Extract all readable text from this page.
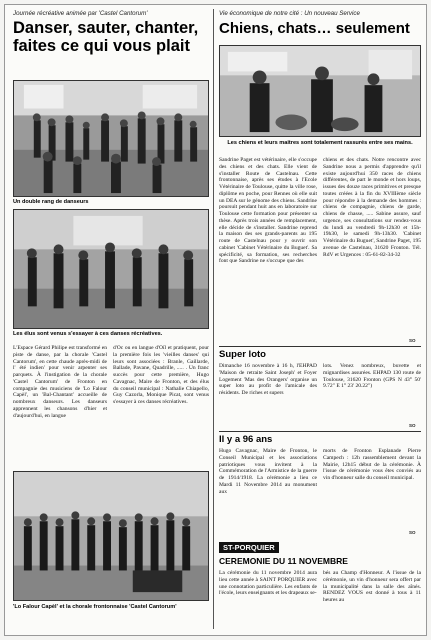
Journée récréative animée par 'Castel Cantorum'
Danser, sauter, chanter,
faites ce qui vous plait
Un double rang de danseurs
Les élus sont venus s'essayer à ces danses récréatives.
L'Espace Gérard Philipe est transformé en piste de danse, par la chorale 'Castel Cantorum', en cette chaude après-midi de l' été indien' pour venir arpenter ses parquets. À l'instigation de la chorale 'Castel Cantorum' de Fronton en compagnie des musiciens de 'Lo Falour Capèl', un 'Bal-Chantant' accueille de nombreux danseurs. Les danseurs apprennent les chansons d'hier et d'aujourd'hui, en langue
d'Oc ou en langue d'Oïl et pratiquent, pour la première fois les 'vieilles danses' qui leurs sont associées : Branle, Gaillarde, Ballade, Pavane, Quadrille, ..... . Un franc succès pour cette première, Hugo Cavagnac, Maire de Fronton, et des élus du conseil municipal : Nathalie Chiapello, Guy Cazorla, Monique Picat, sont venus s'essayer à ces danses récréatives.
'Lo Falour Capèl' et la chorale frontonnaise 'Castel Cantorum'
Vie économique de notre cité : Un nouveau Service
Chiens, chats… seulement
Les chiens et leurs maitres sont totalement rassurés entre ses mains.
Sandrine Paget est vétérinaire, elle s'occupe des chiens et des chats. Elle vient de s'installer Route de Castelnau. Cette frontonnaise, après ses études à l'Ecole Vétérinaire de Toulouse, quitte la ville rose, diplôme en poche, pour Rennes où elle suit un DEA sur le génome des chiens. Sandrine poursuit pendant huit ans en laboratoire sur Toulouse cette formation pour présenter sa thèse. Après trois années de remplacement, elle décide de s'installer. Sandrine reprend la maison des ses grands-parents au 195 route de Castelnau pour y ouvrir son cabinet 'Cabinet Vétérinaire du Buguet'. Sa spécificité, sa formation, ses recherches font que Sandrine ne s'occupe que des
chiens et des chats. Notre rencontre avec Sandrine nous a permis d'apprendre qu'il existe aujourd'hui 350 races de chiens différentes, de part le monde et hors loups, issues des douze races primitives et presque toutes créées à la fin du XVIIIème siècle pour répondre à la demande des hommes : chiens de compagnie, chiens de garde, chiens de chasse, ..... Sabine assure, sauf urgence, ses consultations sur rendez-vous du lundi au vendredi 9h-12h30 et 15h-19h30, le samedi 9h-13h30. 'Cabinet Vétérinaire du Buguet', Sandrine Paget, 195 avenue de Castelnau, 31620 Fronton. Tél. RdV et Urgences : 05-61-82-34-32
SO
Super loto
Dimanche 16 novembre à 16 h, l'EHPAD 'Maison de retraite Saint Joseph' et Foyer Logement 'Mas des Orangers' organise un super loto au profit de l'amicale des résidents. De riches et supers
lots. Venez nombreux, buvette et mignardises assurées. EHPAD 130 route de Toulouse, 31620 Fronton (GPS N 43° 50' 9.72" E 1° 23' 20.22")
SO
Il y a 96 ans
Hugo Cavagnac, Maire de Fronton, le Conseil Municipal et les associations patriotiques vous invitent à la Commémoration de l'Armistice de la guerre de 1914/1918. La cérémonie a lieu ce Mardi 11 Novembre 2014 au monument aux
morts de Fronton Esplanade Pierre Campech : 12h rassemblement devant la Mairie, 12h15 début de la cérémonie. À l'issue de cérémonie vous êtes conviés au vin d'honneur salle du conseil municipal.
SO
ST-PORQUIER
CEREMONIE DU 11 NOVEMBRE
La cérémonie du 11 novembre 2014 aura lieu cette année à SAINT PORQUIER avec une connotation particulière. Les enfants de l'école, leurs enseignants et les drapeaux se-
bés au Champ d'Honneur. À l'issue de la cérémonie, un vin d'honneur sera offert par la municipalité dans la salle des aînés. RENDEZ VOUS est donné à tous à 11 heures au
